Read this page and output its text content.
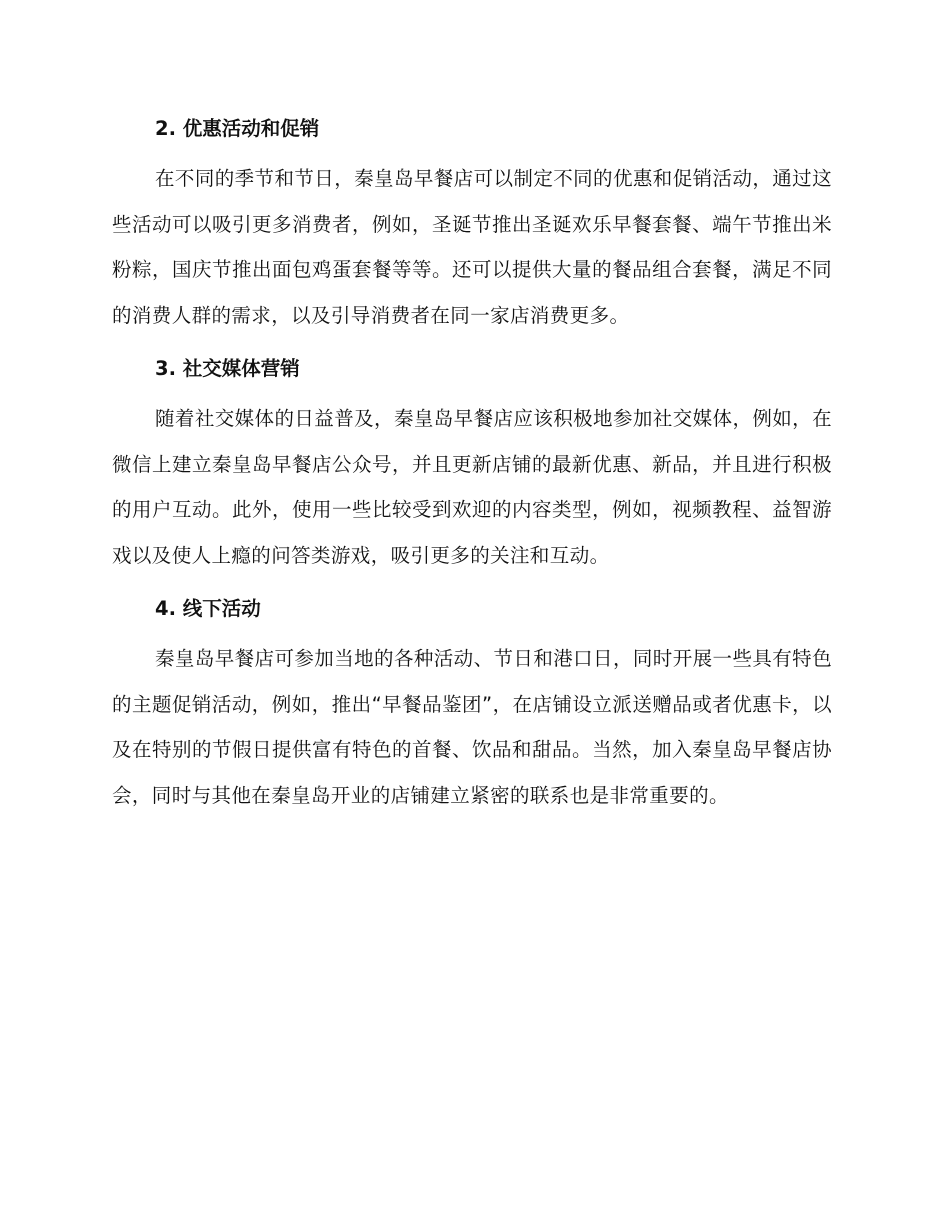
2. 优惠活动和促销

在不同的季节和节日，秦皇岛早餐店可以制定不同的优惠和促销活动，通过这些活动可以吸引更多消费者，例如，圣诞节推出圣诞欢乐早餐套餐、端午节推出米粉粽，国庆节推出面包鸡蛋套餐等等。还可以提供大量的餐品组合套餐，满足不同的消费人群的需求，以及引导消费者在同一家店消费更多。

3. 社交媒体营销

随着社交媒体的日益普及，秦皇岛早餐店应该积极地参加社交媒体，例如，在微信上建立秦皇岛早餐店公众号，并且更新店铺的最新优惠、新品，并且进行积极的用户互动。此外，使用一些比较受到欢迎的内容类型，例如，视频教程、益智游戏以及使人上瘾的问答类游戏，吸引更多的关注和互动。

4. 线下活动

秦皇岛早餐店可参加当地的各种活动、节日和港口日，同时开展一些具有特色的主题促销活动，例如，推出“早餐品鉴团”，在店铺设立派送赠品或者优惠卡，以及在特别的节假日提供富有特色的首餐、饮品和甜品。当然，加入秦皇岛早餐店协会，同时与其他在秦皇岛开业的店铺建立紧密的联系也是非常重要的。
